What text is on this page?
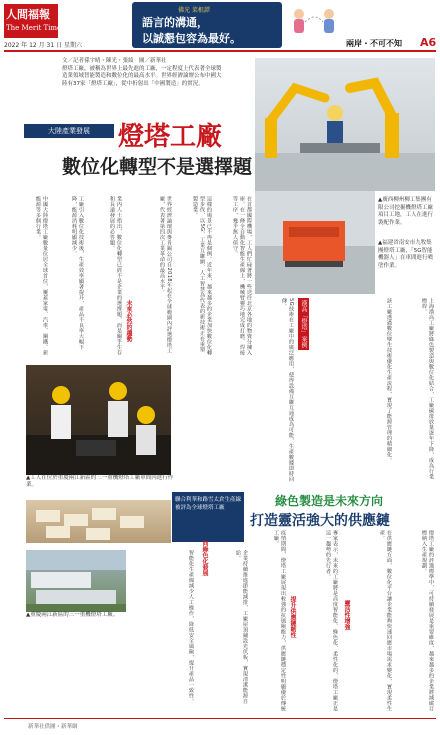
人間福報
The Merit Times
2022 年 12 月 31 日 星期六
佛光 菜根譚
語言的溝通，
以誠懇包容為最好。	兩岸・不可不知 A6
文／記者孫宇晴・陳光・張綾　圖／新華社
燈塔工廠，被稱為世界上最先進的工廠，一定程度上代表著全球製造業領域智能製造和數位化的最高水平。世界經濟論壇公布中國大陸有37家「燈塔工廠」，從中折射出「中國製造」的實況。
大陸產業發展	燈塔工廠
數位化轉型不是選擇題
▲廣西柳州柳工集團有限公司挖掘機燈塔工廠項目工地，工人在進行裝配作業。
▲福建省南安市九牧集團燈塔工廠，「5G智能機器人」在車間進行噴塗作業。
在首都國際機場，工人們忙碌著將一些送往北京各地的物資分揀入庫。在一條全自動化智能生產線上，機械臂靈巧地完成打磨、焊接等工序，幾乎無人值守。
這樣的場景已不再是個例。近年來，越來越多的企業加快數位化轉型步伐，以5G、工業互聯網、人工智慧為代表的新技術正在重塑製造業。
世界經濟論壇與麥肯錫公司自2018年起在全球範圍內評選燈塔工廠，代表著第四次工業革命的最高水平。
未來必然的趨勢
業內人士指出，數位化轉型已經不是企業的選擇題，而是關乎生存和長遠發展的必答題。
工廠引入數位化技術後，生產效率顯著提升，產品不良率大幅下降，能源消耗明顯減少。
中國大陸燈塔工廠數量位居全球首位，覆蓋家電、汽車、鋼鐵、新能源等多個行業。
漢高「燈塔」案例	上海漢高工廠將綠色製造與數位化結合，工廠碳排放量逐年下降，成為行業標桿。
該工廠透過數位孿生技術優化生產流程，實現了能源管理的精細化。
5G技術在工廠中的廣泛應用，使得設備互聯互通成為可能，生產數據即時回傳。
▲工人在位於重慶兩江新區的三一重機燈塔工廠車間內進行作業。
聯合利華和路雪太倉生產線被評為全球燈塔工廠
▲重慶兩江新區的三一重機燈塔工廠。	企業持續推進節能減排，工廠屋頂鋪設光伏板，實現清潔能源自給。
向綠色化發展
智能化生產線減少人工操作，降低安全風險，提升產品一致性。
綠色製造是未來方向
打造靈活強大的供應鏈
燈塔工廠的評選標準中，可持續發展是重要維度，越來越多的企業將減碳目標納入生產規劃。
在供應鏈方面，數位化平台讓企業能夠快速回應市場需求變化，實現柔性生產。
靈活性增強
專家表示，未來的工廠將是高度智能化、綠色化、柔性化的，燈塔工廠正是這一趨勢的先行者。
提升供應鏈韌性
疫情期間，燈塔工廠展現出較強的抗風險能力，供應鏈穩定性明顯優於傳統工廠。
新華社供圖・新華網
